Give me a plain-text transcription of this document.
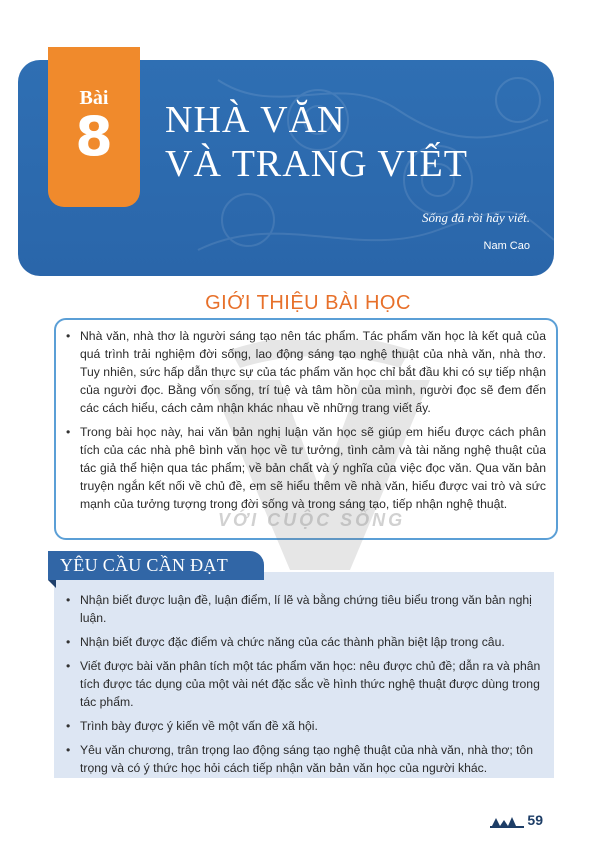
Bài
8	NHÀ VĂN
VÀ TRANG VIẾT
Sống đã rồi hãy viết.
Nam Cao
GIỚI THIỆU BÀI HỌC
• Nhà văn, nhà thơ là người sáng tạo nên tác phẩm. Tác phẩm văn học là kết quả của quá trình trải nghiệm đời sống, lao động sáng tạo nghệ thuật của nhà văn, nhà thơ. Tuy nhiên, sức hấp dẫn thực sự của tác phẩm văn học chỉ bắt đầu khi có sự tiếp nhận của người đọc. Bằng vốn sống, trí tuệ và tâm hồn của mình, người đọc sẽ đem đến các cách hiểu, cách cảm nhận khác nhau về những trang viết ấy.
• Trong bài học này, hai văn bản nghị luận văn học sẽ giúp em hiểu được cách phân tích của các nhà phê bình văn học về tư tưởng, tình cảm và tài năng nghệ thuật của tác giả thể hiện qua tác phẩm; về bản chất và ý nghĩa của việc đọc văn. Qua văn bản truyện ngắn kết nối về chủ đề, em sẽ hiểu thêm về nhà văn, hiểu được vai trò và sức mạnh của tưởng tượng trong đời sống và trong sáng tạo, tiếp nhận nghệ thuật.
VỚI CUỘC SỐNG
YÊU CẦU CẦN ĐẠT
• Nhận biết được luận đề, luận điểm, lí lẽ và bằng chứng tiêu biểu trong văn bản nghị luận.
• Nhận biết được đặc điểm và chức năng của các thành phần biệt lập trong câu.
• Viết được bài văn phân tích một tác phẩm văn học: nêu được chủ đề; dẫn ra và phân tích được tác dụng của một vài nét đặc sắc về hình thức nghệ thuật được dùng trong tác phẩm.
• Trình bày được ý kiến về một vấn đề xã hội.
• Yêu văn chương, trân trọng lao động sáng tạo nghệ thuật của nhà văn, nhà thơ; tôn trọng và có ý thức học hỏi cách tiếp nhận văn bản văn học của người khác.
59
